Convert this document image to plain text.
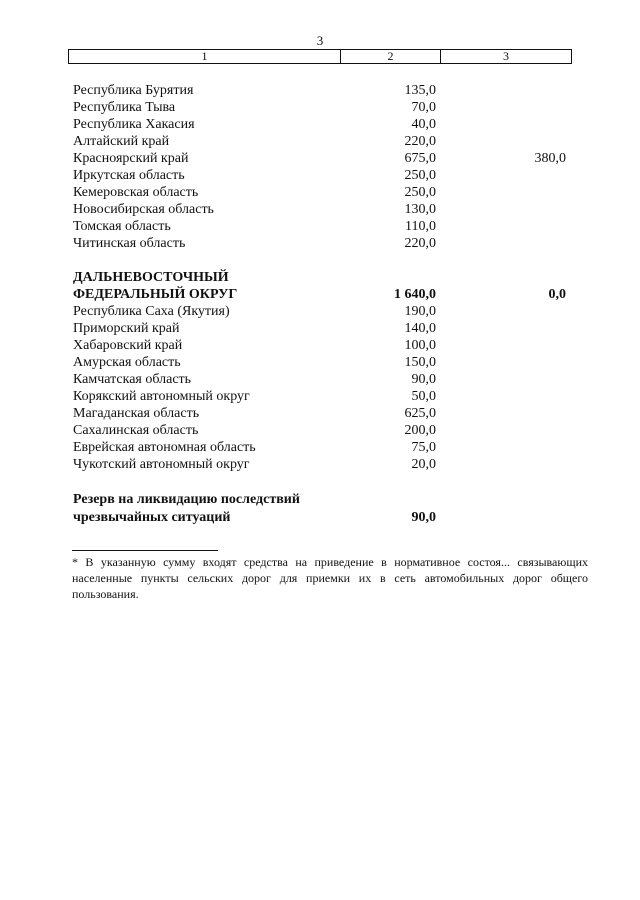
3
1	2	3
Республика Бурятия	135,0
Республика Тыва	70,0
Республика Хакасия	40,0
Алтайский край	220,0
Красноярский край	675,0	380,0
Иркутская область	250,0
Кемеровская область	250,0
Новосибирская область	130,0
Томская область	110,0
Читинская область	220,0
ДАЛЬНЕВОСТОЧНЫЙ
ФЕДЕРАЛЬНЫЙ ОКРУГ	1 640,0	0,0
Республика Саха (Якутия)	190,0
Приморский край	140,0
Хабаровский край	100,0
Амурская область	150,0
Камчатская область	90,0
Корякский автономный округ	50,0
Магаданская область	625,0
Сахалинская область	200,0
Еврейская автономная область	75,0
Чукотский автономный округ	20,0
Резерв на ликвидацию последствий
чрезвычайных ситуаций	90,0
* В указанную сумму входят средства на приведение в нормативное состоя... связывающих населенные пункты сельских дорог для приемки их в сеть автомобильных дорог общего пользования.
